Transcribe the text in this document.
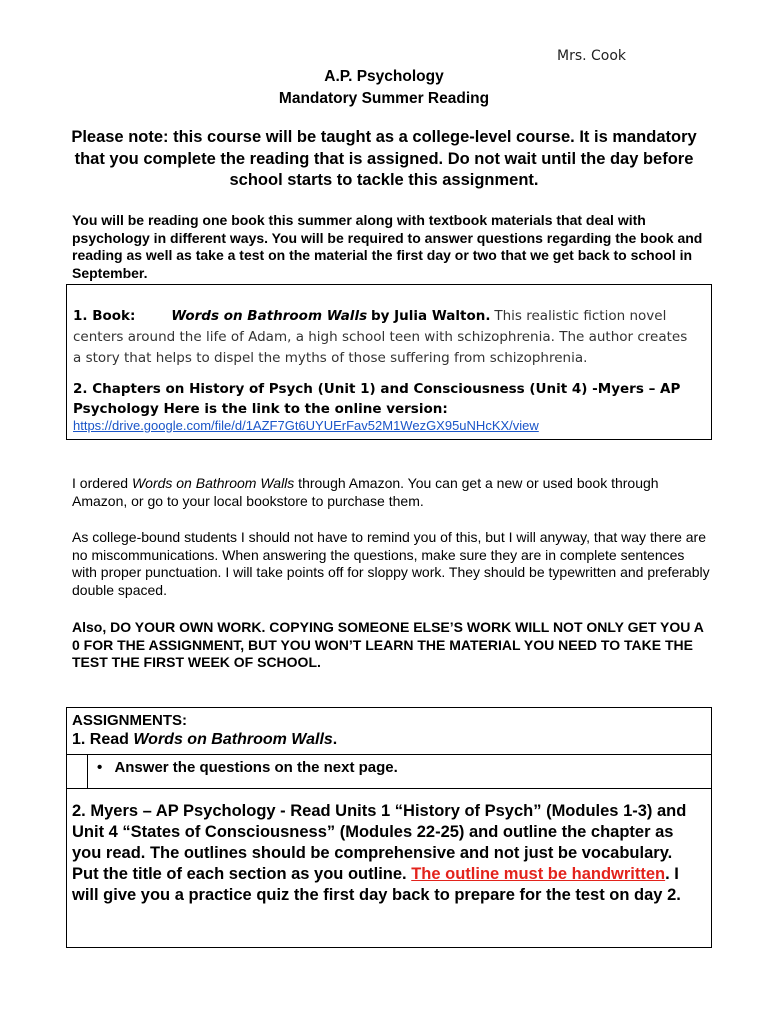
Mrs. Cook
A.P. Psychology
Mandatory Summer Reading
Please note: this course will be taught as a college-level course. It is mandatory that you complete the reading that is assigned. Do not wait until the day before school starts to tackle this assignment.
You will be reading one book this summer along with textbook materials that deal with psychology in different ways. You will be required to answer questions regarding the book and reading as well as take a test on the material the first day or two that we get back to school in September.
1. Book:	Words on Bathroom Walls by Julia Walton. This realistic fiction novel centers around the life of Adam, a high school teen with schizophrenia. The author creates a story that helps to dispel the myths of those suffering from schizophrenia.
2. Chapters on History of Psych (Unit 1) and Consciousness (Unit 4) -Myers – AP Psychology Here is the link to the online version:
https://drive.google.com/file/d/1AZF7Gt6UYUErFav52M1WezGX95uNHcKX/view
I ordered Words on Bathroom Walls through Amazon. You can get a new or used book through Amazon, or go to your local bookstore to purchase them.
As college-bound students I should not have to remind you of this, but I will anyway, that way there are no miscommunications. When answering the questions, make sure they are in complete sentences with proper punctuation. I will take points off for sloppy work. They should be typewritten and preferably double spaced.
Also, DO YOUR OWN WORK. COPYING SOMEONE ELSE’S WORK WILL NOT ONLY GET YOU A 0 FOR THE ASSIGNMENT, BUT YOU WON’T LEARN THE MATERIAL YOU NEED TO TAKE THE TEST THE FIRST WEEK OF SCHOOL.
ASSIGNMENTS:
1. Read Words on Bathroom Walls.
• Answer the questions on the next page.
2. Myers – AP Psychology - Read Units 1 “History of Psych” (Modules 1-3) and Unit 4 “States of Consciousness” (Modules 22-25) and outline the chapter as you read. The outlines should be comprehensive and not just be vocabulary. Put the title of each section as you outline. The outline must be handwritten. I will give you a practice quiz the first day back to prepare for the test on day 2.
